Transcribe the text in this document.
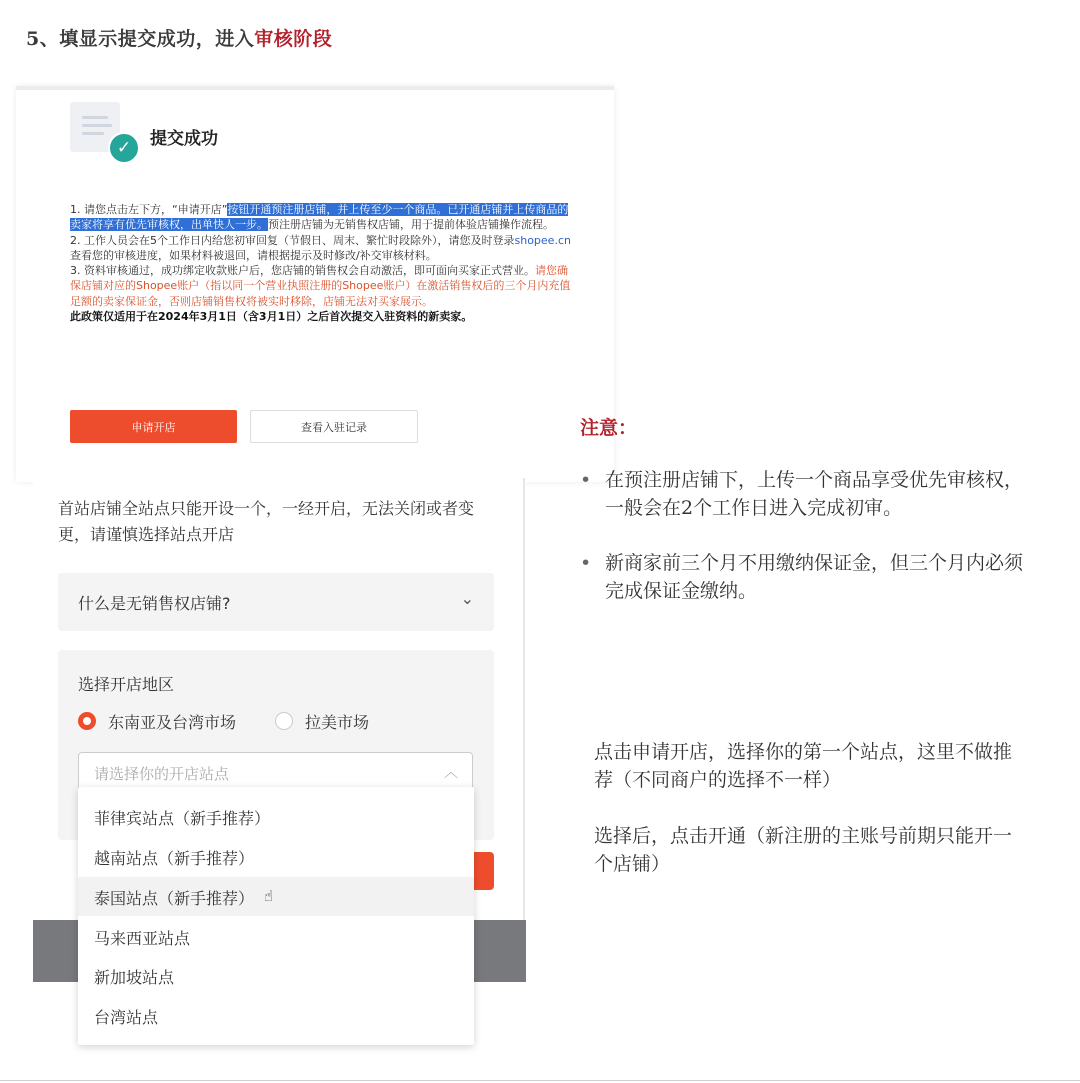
5、填显示提交成功，进入审核阶段
✓	提交成功

1. 请您点击左下方，“申请开店”按钮开通预注册店铺，并上传至少一个商品。已开通店铺并上传商品的卖家将享有优先审核权，出单快人一步。预注册店铺为无销售权店铺，用于提前体验店铺操作流程。

2. 工作人员会在5个工作日内给您初审回复（节假日、周末、繁忙时段除外），请您及时登录shopee.cn查看您的审核进度，如果材料被退回，请根据提示及时修改/补交审核材料。

3. 资料审核通过，成功绑定收款账户后，您店铺的销售权会自动激活，即可面向买家正式营业。请您确保店铺对应的Shopee账户（指以同一个营业执照注册的Shopee账户）在激活销售权后的三个月内充值足额的卖家保证金，否则店铺销售权将被实时移除，店铺无法对买家展示。

此政策仅适用于在2024年3月1日（含3月1日）之后首次提交入驻资料的新卖家。

申请开店	查看入驻记录
首站店铺全站点只能开设一个，一经开启，无法关闭或者变更，请谨慎选择站点开店
什么是无销售权店铺?	⌄
选择开店地区
东南亚及台湾市场	拉美市场
请选择你的开店站点	︿
菲律宾站点（新手推荐）
越南站点（新手推荐）
泰国站点（新手推荐） ☝
马来西亚站点
新加坡站点
台湾站点
注意：
• 在预注册店铺下，上传一个商品享受优先审核权，一般会在2个工作日进入完成初审。
• 新商家前三个月不用缴纳保证金，但三个月内必须完成保证金缴纳。
点击申请开店，选择你的第一个站点，这里不做推荐（不同商户的选择不一样）
选择后，点击开通（新注册的主账号前期只能开一个店铺）
